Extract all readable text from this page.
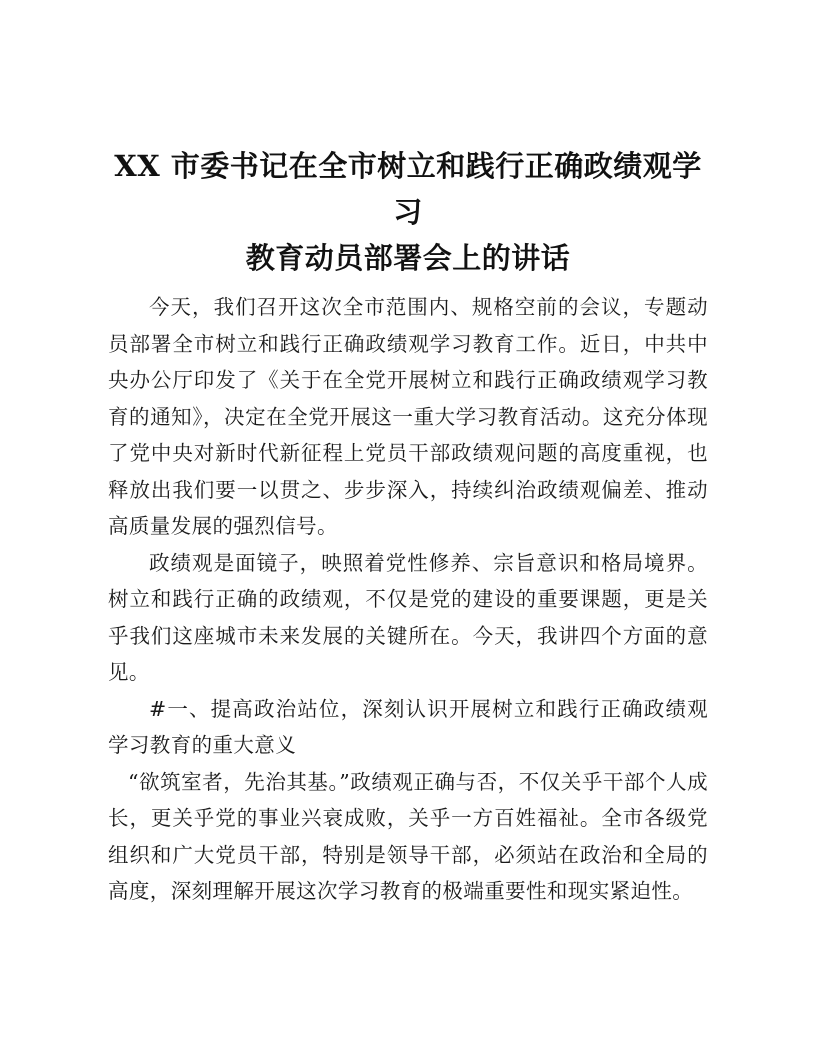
XX 市委书记在全市树立和践行正确政绩观学习
教育动员部署会上的讲话

今天，我们召开这次全市范围内、规格空前的会议，专题动员部署全市树立和践行正确政绩观学习教育工作。近日，中共中央办公厅印发了《关于在全党开展树立和践行正确政绩观学习教育的通知》，决定在全党开展这一重大学习教育活动。这充分体现了党中央对新时代新征程上党员干部政绩观问题的高度重视，也释放出我们要一以贯之、步步深入，持续纠治政绩观偏差、推动高质量发展的强烈信号。

政绩观是面镜子，映照着党性修养、宗旨意识和格局境界。树立和践行正确的政绩观，不仅是党的建设的重要课题，更是关乎我们这座城市未来发展的关键所在。今天，我讲四个方面的意见。

#一、提高政治站位，深刻认识开展树立和践行正确政绩观学习教育的重大意义

“欲筑室者，先治其基。”政绩观正确与否，不仅关乎干部个人成长，更关乎党的事业兴衰成败，关乎一方百姓福祉。全市各级党组织和广大党员干部，特别是领导干部，必须站在政治和全局的高度，深刻理解开展这次学习教育的极端重要性和现实紧迫性。
